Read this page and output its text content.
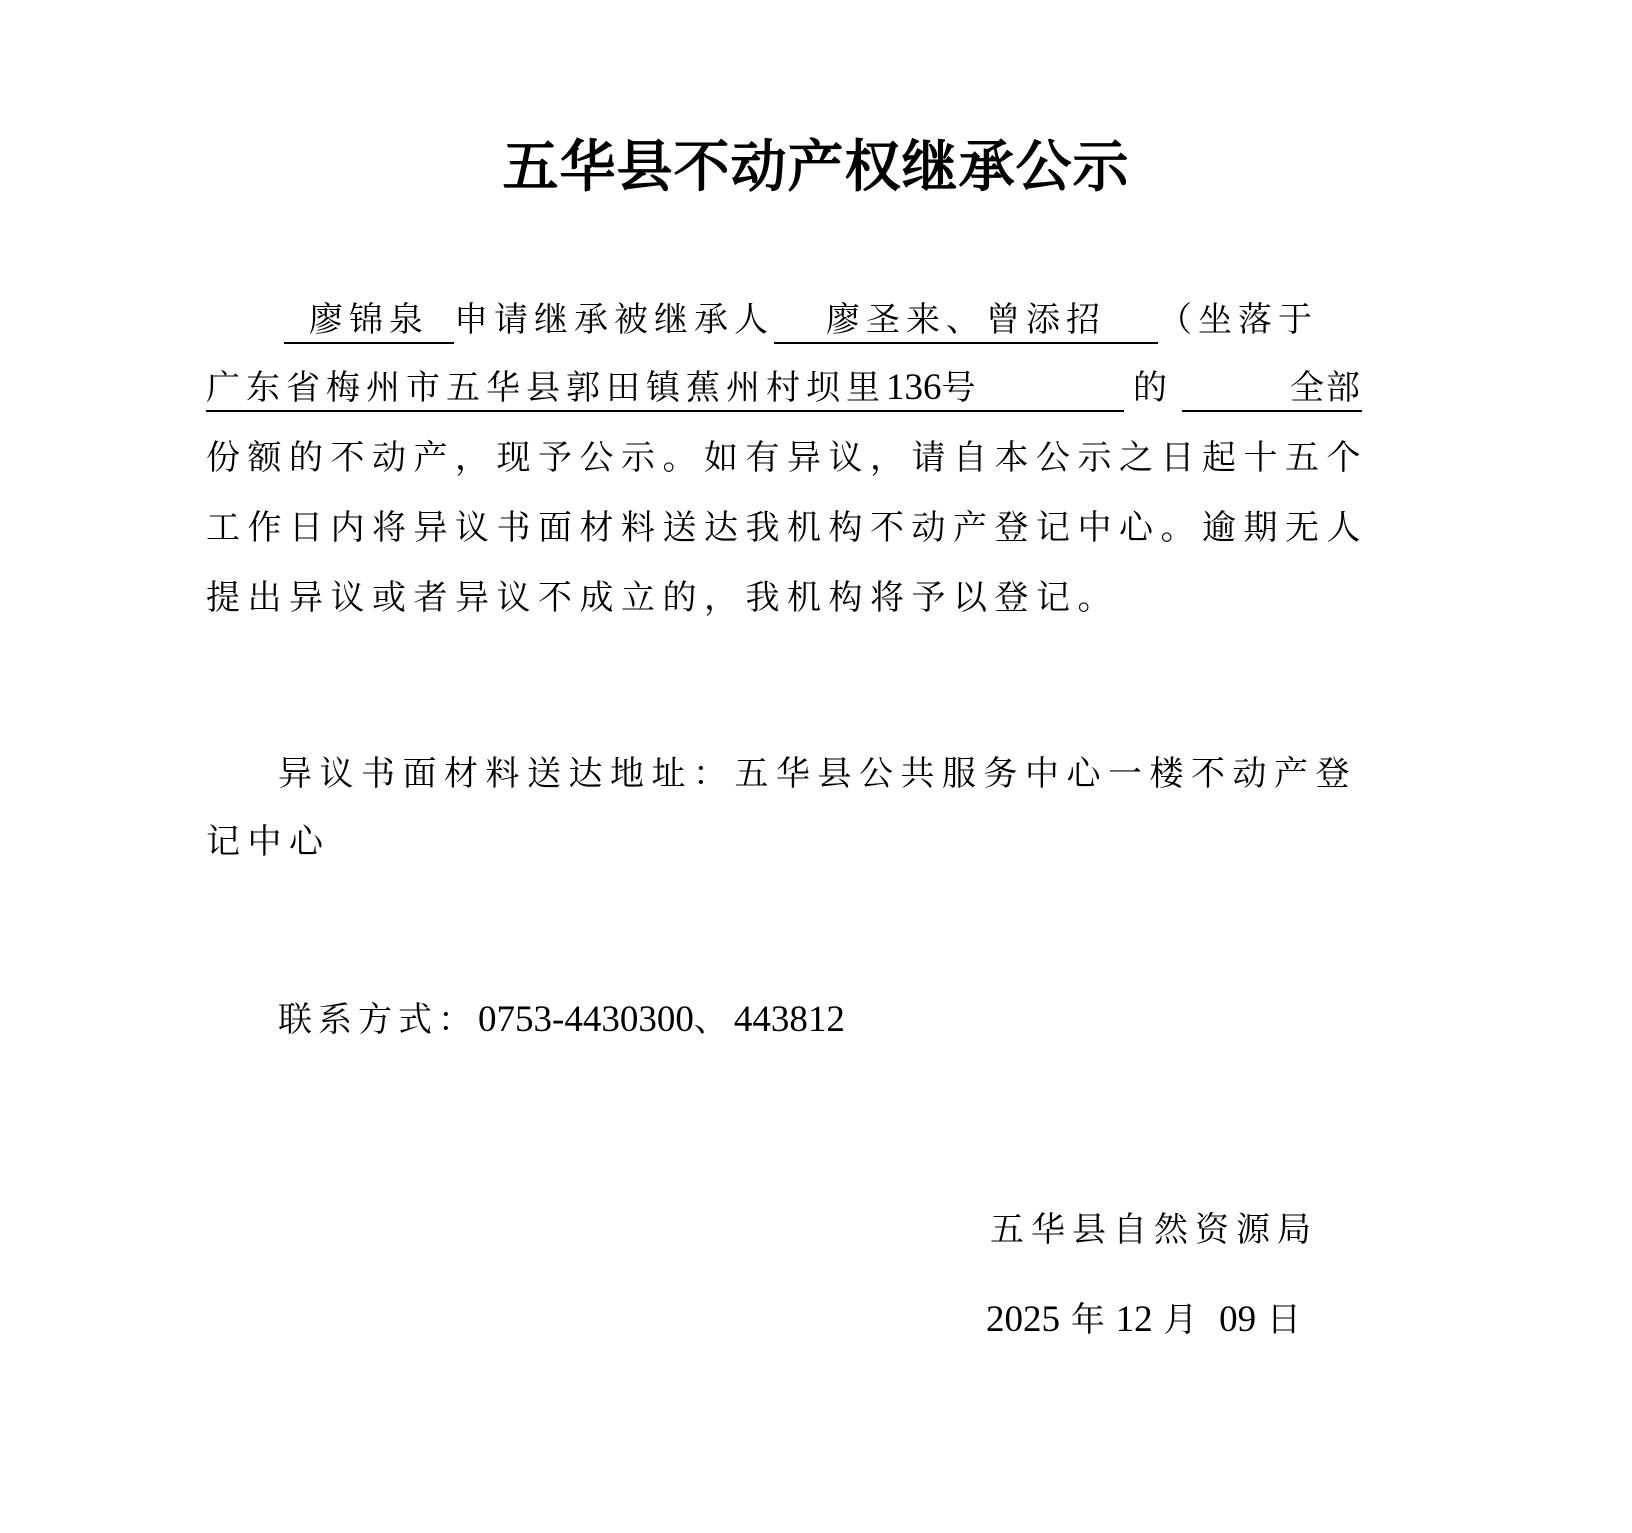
五华县不动产权继承公示
廖锦泉 申请继承被继承人 廖圣来、曾添招 （坐落于
广东省梅州市五华县郭田镇蕉州村坝里136号	的	全部
份额的不动产，现予公示。如有异议，请自本公示之日起十五个
工作日内将异议书面材料送达我机构不动产登记中心。逾期无人
提出异议或者异议不成立的，我机构将予以登记。
异议书面材料送达地址：五华县公共服务中心一楼不动产登
记中心
联系方式：0753-4430300、443812
五华县自然资源局
2025 年 12 月 09 日
